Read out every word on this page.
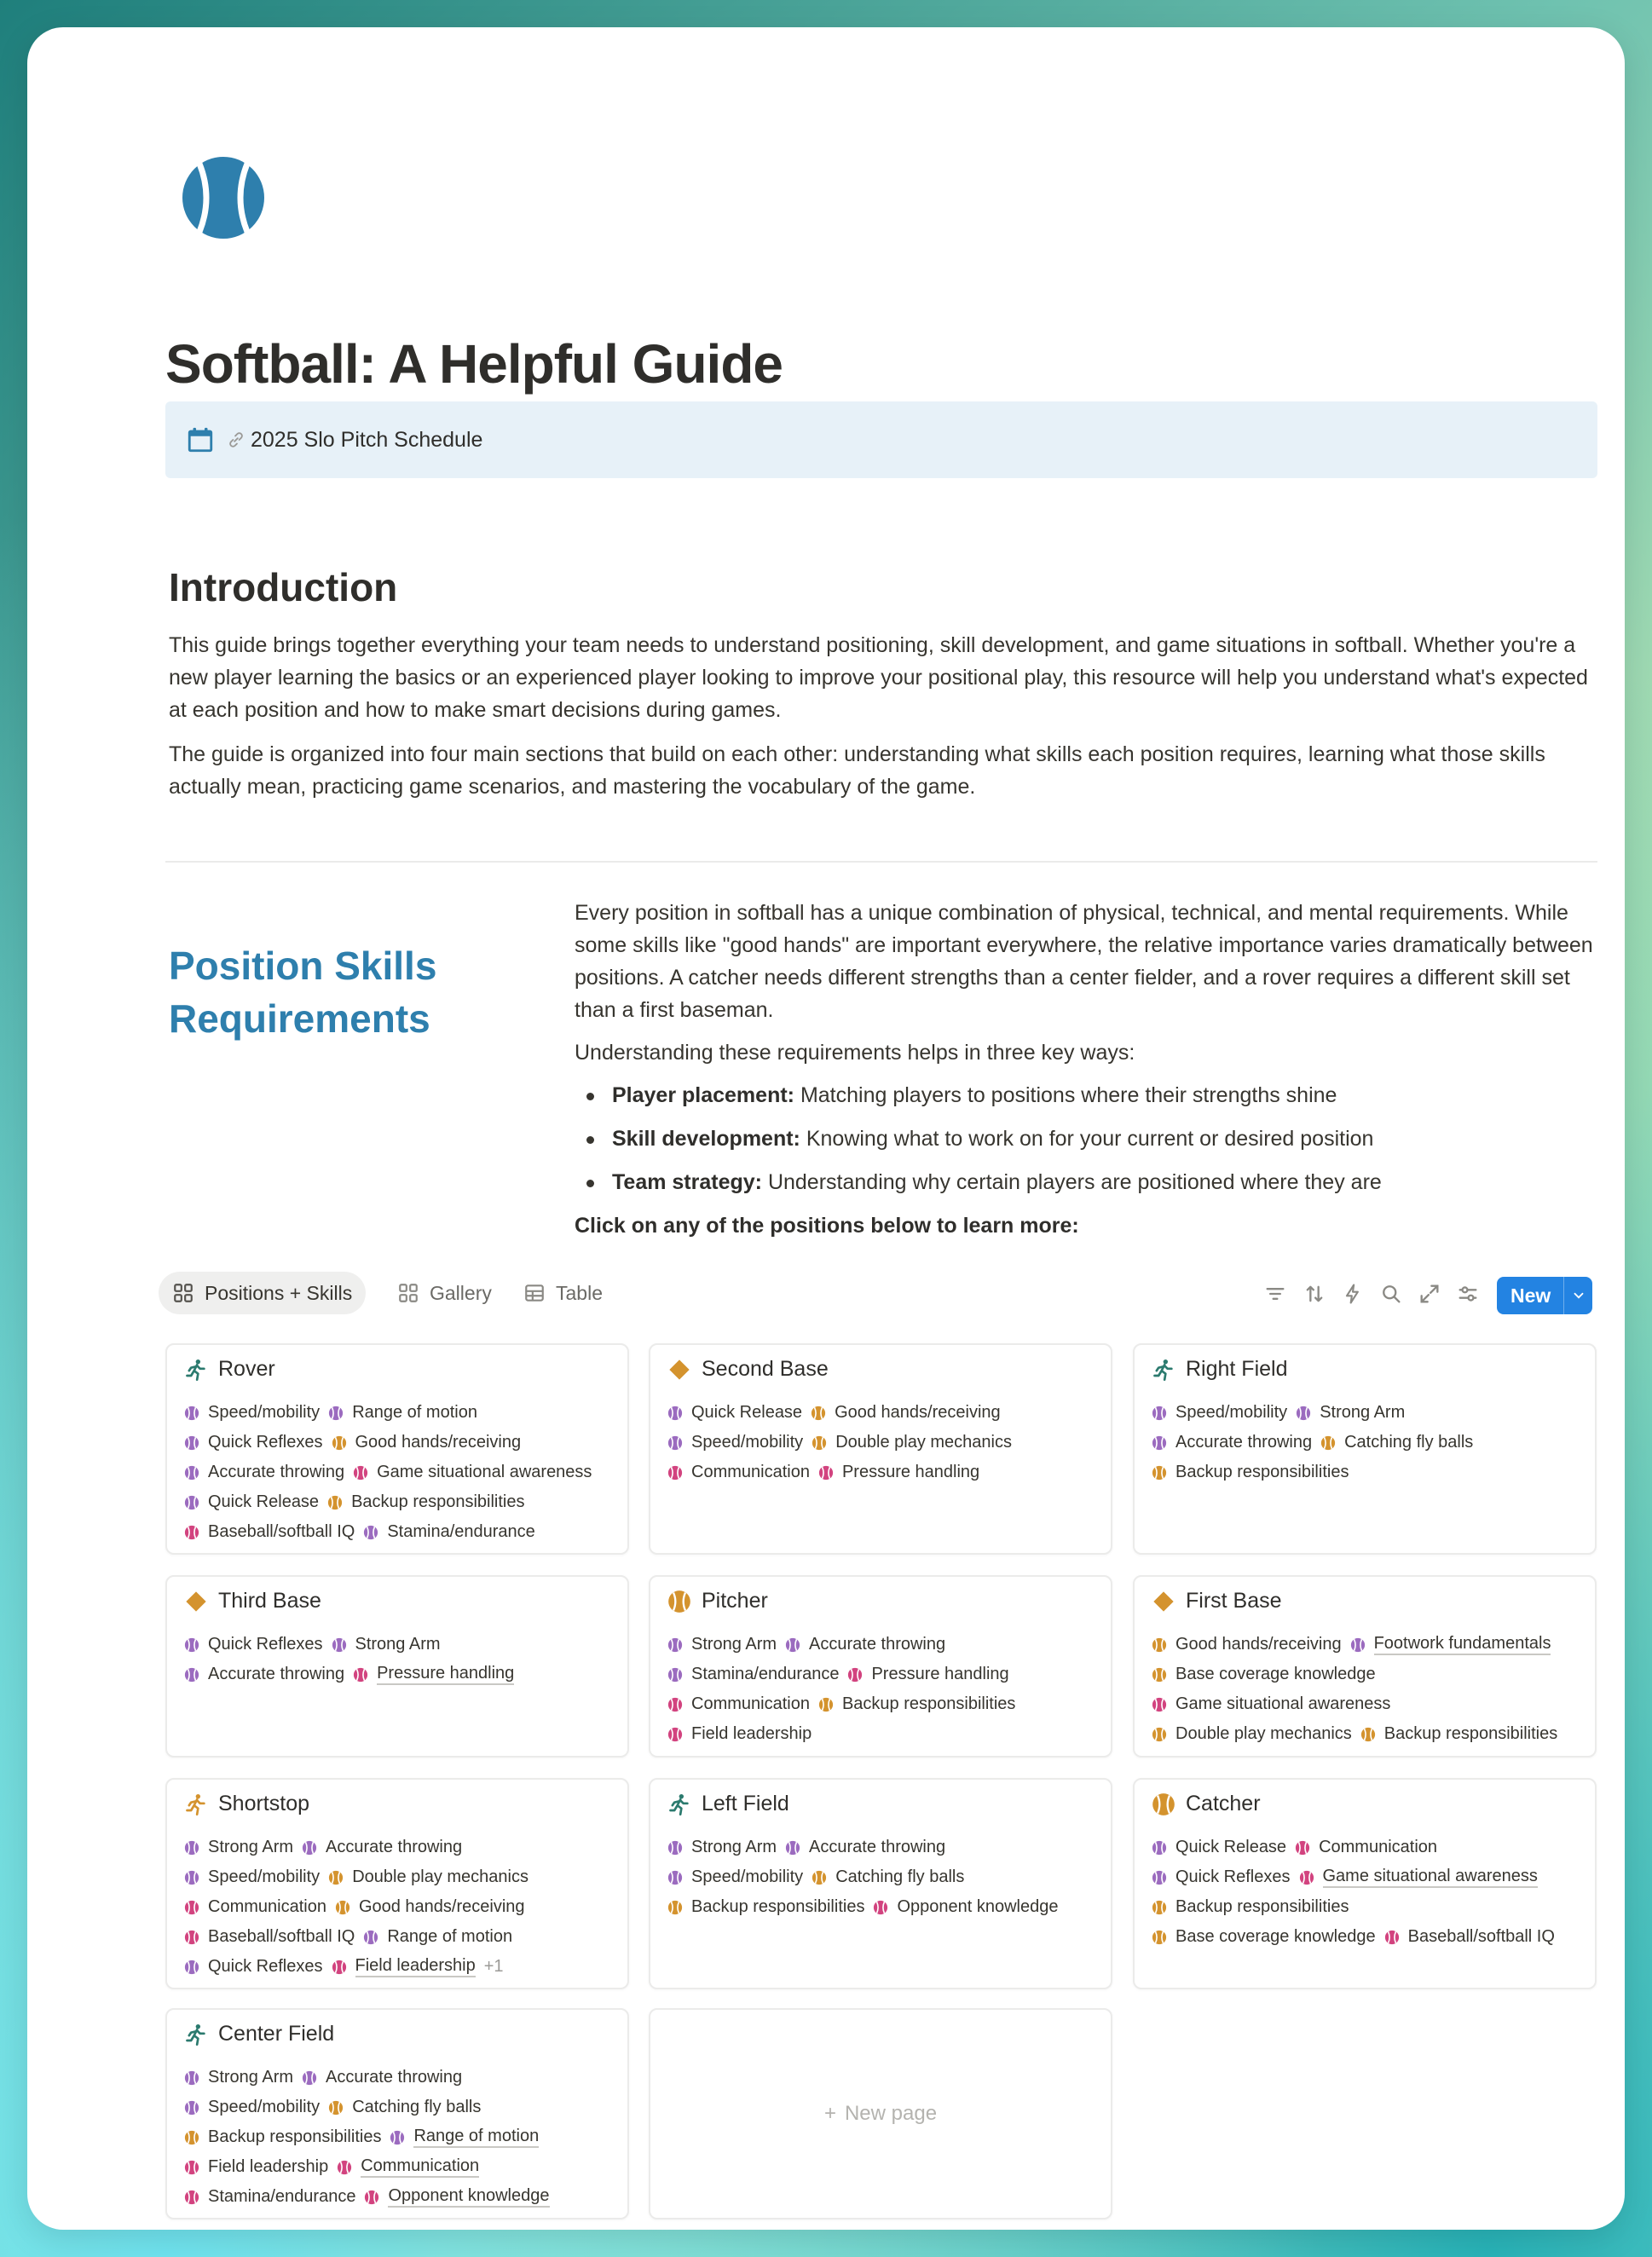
Softball: A Helpful Guide
2025 Slo Pitch Schedule
Introduction

This guide brings together everything your team needs to understand positioning, skill development, and game situations in softball. Whether you're a new player learning the basics or an experienced player looking to improve your positional play, this resource will help you understand what's expected at each position and how to make smart decisions during games.

The guide is organized into four main sections that build on each other: understanding what skills each position requires, learning what those skills actually mean, practicing game scenarios, and mastering the vocabulary of the game.

Position Skills Requirements

Every position in softball has a unique combination of physical, technical, and mental requirements. While some skills like "good hands" are important everywhere, the relative importance varies dramatically between positions. A catcher needs different strengths than a center fielder, and a rover requires a different skill set than a first baseman.

Understanding these requirements helps in three key ways:

Player placement: Matching players to positions where their strengths shine
Skill development: Knowing what to work on for your current or desired position
Team strategy: Understanding why certain players are positioned where they are
Click on any of the positions below to learn more:
Positions + Skills	Gallery	Table	New
+ New page
Rover
Speed/mobility Range of motion
Quick Reflexes Good hands/receiving
Accurate throwing Game situational awareness
Quick Release Backup responsibilities
Baseball/softball IQ Stamina/endurance
Second Base
Quick Release Good hands/receiving
Speed/mobility Double play mechanics
Communication Pressure handling
Right Field
Speed/mobility Strong Arm
Accurate throwing Catching fly balls
Backup responsibilities
Third Base
Quick Reflexes Strong Arm
Accurate throwing Pressure handling
Pitcher
Strong Arm Accurate throwing
Stamina/endurance Pressure handling
Communication Backup responsibilities
Field leadership
First Base
Good hands/receiving Footwork fundamentals
Base coverage knowledge
Game situational awareness
Double play mechanics Backup responsibilities
Shortstop
Strong Arm Accurate throwing
Speed/mobility Double play mechanics
Communication Good hands/receiving
Baseball/softball IQ Range of motion
Quick Reflexes Field leadership +1
Left Field
Strong Arm Accurate throwing
Speed/mobility Catching fly balls
Backup responsibilities Opponent knowledge
Catcher
Quick Release Communication
Quick Reflexes Game situational awareness
Backup responsibilities
Base coverage knowledge Baseball/softball IQ
Center Field
Strong Arm Accurate throwing
Speed/mobility Catching fly balls
Backup responsibilities Range of motion
Field leadership Communication
Stamina/endurance Opponent knowledge
